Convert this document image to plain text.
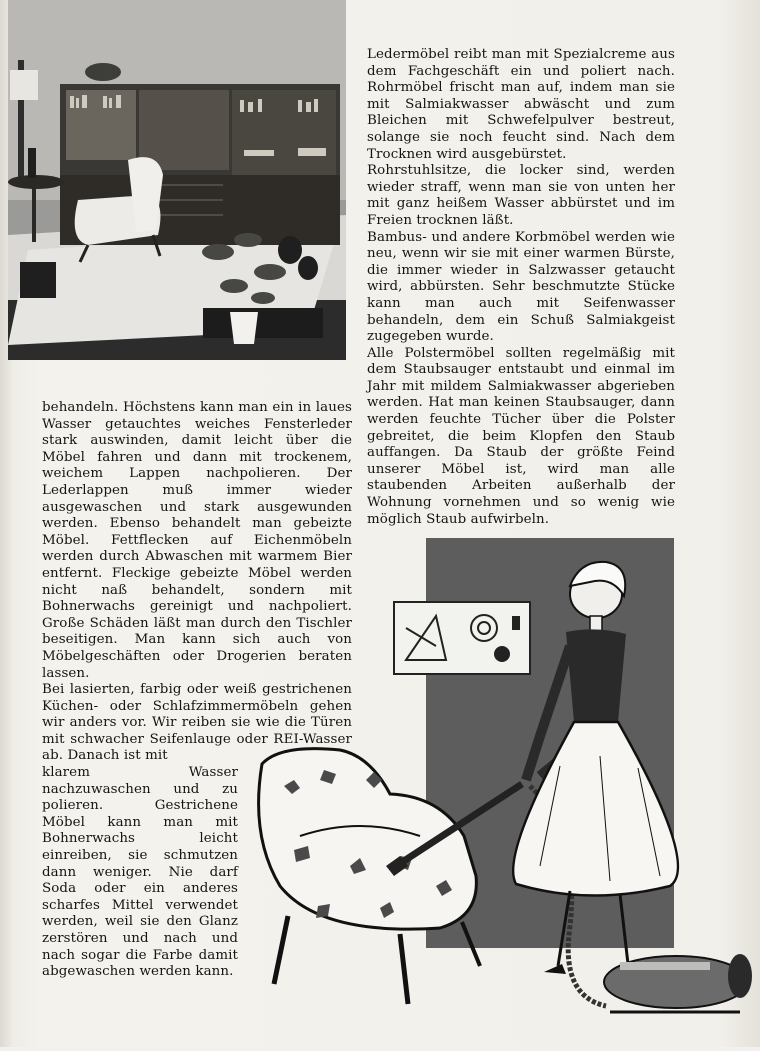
Ledermöbel reibt man mit Spezialcreme aus dem Fachgeschäft ein und poliert nach. Rohrmöbel frischt man auf, indem man sie mit Salmiakwasser abwäscht und zum Bleichen mit Schwefelpulver bestreut, solange sie noch feucht sind. Nach dem Trocknen wird ausgebürstet.

Rohrstuhlsitze, die locker sind, werden wieder straff, wenn man sie von unten her mit ganz heißem Wasser abbürstet und im Freien trocknen läßt.

Bambus- und andere Korbmöbel werden wie neu, wenn wir sie mit einer warmen Bürste, die immer wieder in Salzwasser getaucht wird, abbürsten. Sehr beschmutzte Stücke kann man auch mit Seifenwasser behandeln, dem ein Schuß Salmiakgeist zugegeben wurde.

Alle Polstermöbel sollten regelmäßig mit dem Staubsauger entstaubt und einmal im Jahr mit mildem Salmiakwasser abgerieben werden. Hat man keinen Staubsauger, dann werden feuchte Tücher über die Polster gebreitet, die beim Klopfen den Staub auffangen. Da Staub der größte Feind unserer Möbel ist, wird man alle staubenden Arbeiten außerhalb der Wohnung vornehmen und so wenig wie möglich Staub aufwirbeln.

behandeln. Höchstens kann man ein in laues Wasser getauchtes weiches Fensterleder stark auswinden, damit leicht über die Möbel fahren und dann mit trockenem, weichem Lappen nachpolieren. Der Lederlappen muß immer wieder ausgewaschen und stark ausgewunden werden. Ebenso behandelt man gebeizte Möbel. Fettflecken auf Eichenmöbeln werden durch Abwaschen mit warmem Bier entfernt. Fleckige gebeizte Möbel werden nicht naß behandelt, sondern mit Bohnerwachs gereinigt und nachpoliert. Große Schäden läßt man durch den Tischler beseitigen. Man kann sich auch von Möbelgeschäften oder Drogerien beraten lassen.

Bei lasierten, farbig oder weiß gestrichenen Küchen- oder Schlafzimmermöbeln gehen wir anders vor. Wir reiben sie wie die Türen mit schwacher Seifenlauge oder REI-Wasser ab. Danach ist mit

klarem Wasser nachzuwaschen und zu polieren. Gestrichene Möbel kann man mit Bohnerwachs leicht einreiben, sie schmutzen dann weniger. Nie darf Soda oder ein anderes scharfes Mittel verwendet werden, weil sie den Glanz zerstören und nach und nach sogar die Farbe damit abgewaschen werden kann.
